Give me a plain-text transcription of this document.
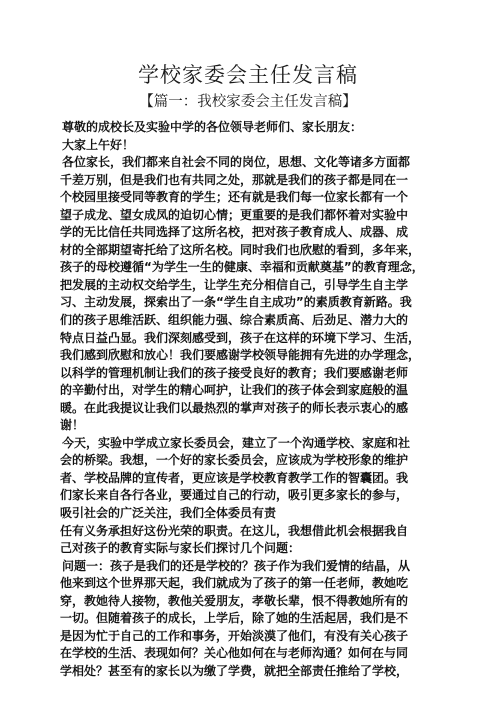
学校家委会主任发言稿
【篇一：我校家委会主任发言稿】
尊敬的成校长及实验中学的各位领导老师们、家长朋友：
大家上午好！
各位家长，我们都来自社会不同的岗位，思想、文化等诸多方面都
千差万别，但是我们也有共同之处，那就是我们的孩子都是同在一
个校园里接受同等教育的学生；还有就是我们每一位家长都有一个
望子成龙、望女成凤的迫切心情；更重要的是我们都怀着对实验中
学的无比信任共同选择了这所名校，把对孩子教育成人、成器、成
材的全部期望寄托给了这所名校。同时我们也欣慰的看到，多年来，
孩子的母校遵循“为学生一生的健康、幸福和贡献奠基”的教育理念，
把发展的主动权交给学生，让学生充分相信自己，引导学生自主学
习、主动发展，探索出了一条“学生自主成功”的素质教育新路。我
们的孩子思维活跃、组织能力强、综合素质高、后劲足、潜力大的
特点日益凸显。我们深刻感受到，孩子在这样的环境下学习、生活，
我们感到欣慰和放心！我们要感谢学校领导能拥有先进的办学理念，
以科学的管理机制让我们的孩子接受良好的教育；我们要感谢老师
的辛勤付出，对学生的精心呵护，让我们的孩子体会到家庭般的温
暖。在此我提议让我们以最热烈的掌声对孩子的师长表示衷心的感
谢！
今天，实验中学成立家长委员会，建立了一个沟通学校、家庭和社
会的桥梁。我想，一个好的家长委员会，应该成为学校形象的维护
者、学校品牌的宣传者，更应该是学校教育教学工作的智囊团。我
们家长来自各行各业，要通过自己的行动，吸引更多家长的参与，
吸引社会的广泛关注，我们全体委员有责
任有义务承担好这份光荣的职责。在这儿，我想借此机会根据我自
己对孩子的教育实际与家长们探讨几个问题：
问题一：孩子是我们的还是学校的？孩子作为我们爱情的结晶，从
他来到这个世界那天起，我们就成为了孩子的第一任老师，教她吃
穿，教她待人接物，教他关爱朋友，孝敬长辈，恨不得教她所有的
一切。但随着孩子的成长，上学后，除了她的生活起居，我们是不
是因为忙于自己的工作和事务，开始淡漠了他们，有没有关心孩子
在学校的生活、表现如何？关心他如何在与老师沟通？如何在与同
学相处？甚至有的家长以为缴了学费，就把全部责任推给了学校，
